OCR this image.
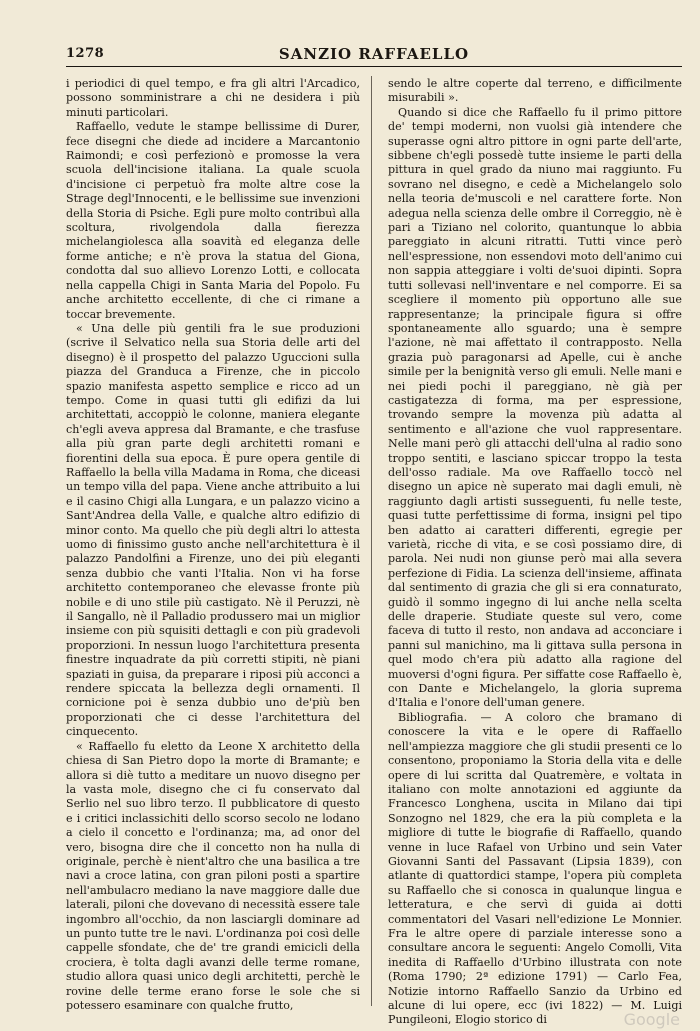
1278	SANZIO RAFFAELLO

i periodici di quel tempo, e fra gli altri l'Arcadico, possono somministrare a chi ne desidera i più minuti particolari.

Raffaello, vedute le stampe bellissime di Durer, fece disegni che diede ad incidere a Marcantonio Raimondi; e così perfezionò e promosse la vera scuola dell'incisione italiana. La quale scuola d'incisione ci perpetuò fra molte altre cose la Strage degl'Innocenti, e le bellissime sue invenzioni della Storia di Psiche. Egli pure molto contribuì alla scoltura, rivolgendola dalla fierezza michelangiolesca alla soavità ed eleganza delle forme antiche; e n'è prova la statua del Giona, condotta dal suo allievo Lorenzo Lotti, e collocata nella cappella Chigi in Santa Maria del Popolo. Fu anche architetto eccellente, di che ci rimane a toccar brevemente.

« Una delle più gentili fra le sue produzioni (scrive il Selvatico nella sua Storia delle arti del disegno) è il prospetto del palazzo Uguccioni sulla piazza del Granduca a Firenze, che in piccolo spazio manifesta aspetto semplice e ricco ad un tempo. Come in quasi tutti gli edifizi da lui architettati, accoppiò le colonne, maniera elegante ch'egli aveva appresa dal Bramante, e che trasfuse alla più gran parte degli architetti romani e fiorentini della sua epoca. È pure opera gentile di Raffaello la bella villa Madama in Roma, che diceasi un tempo villa del papa. Viene anche attribuito a lui e il casino Chigi alla Lungara, e un palazzo vicino a Sant'Andrea della Valle, e qualche altro edifizio di minor conto. Ma quello che più degli altri lo attesta uomo di finissimo gusto anche nell'architettura è il palazzo Pandolfini a Firenze, uno dei più eleganti senza dubbio che vanti l'Italia. Non vi ha forse architetto contemporaneo che elevasse fronte più nobile e di uno stile più castigato. Nè il Peruzzi, nè il Sangallo, nè il Palladio produssero mai un miglior insieme con più squisiti dettagli e con più gradevoli proporzioni. In nessun luogo l'architettura presenta finestre inquadrate da più corretti stipiti, nè piani spaziati in guisa, da preparare i riposi più acconci a rendere spiccata la bellezza degli ornamenti. Il cornicione poi è senza dubbio uno de'più ben proporzionati che ci desse l'architettura del cinquecento.

« Raffaello fu eletto da Leone X architetto della chiesa di San Pietro dopo la morte di Bramante; e allora si diè tutto a meditare un nuovo disegno per la vasta mole, disegno che ci fu conservato dal Serlio nel suo libro terzo. Il pubblicatore di questo e i critici inclassichiti dello scorso secolo ne lodano a cielo il concetto e l'ordinanza; ma, ad onor del vero, bisogna dire che il concetto non ha nulla di originale, perchè è nient'altro che una basilica a tre navi a croce latina, con gran piloni posti a spartire nell'ambulacro mediano la nave maggiore dalle due laterali, piloni che dovevano di necessità essere tale ingombro all'occhio, da non lasciargli dominare ad un punto tutte tre le navi. L'ordinanza poi così delle cappelle sfondate, che de' tre grandi emicicli della crociera, è tolta dagli avanzi delle terme romane, studio allora quasi unico degli architetti, perchè le rovine delle terme erano forse le sole che si potessero esaminare con qualche frutto,

sendo le altre coperte dal terreno, e difficilmente misurabili ».

Quando si dice che Raffaello fu il primo pittore de' tempi moderni, non vuolsi già intendere che superasse ogni altro pittore in ogni parte dell'arte, sibbene ch'egli possedè tutte insieme le parti della pittura in quel grado da niuno mai raggiunto. Fu sovrano nel disegno, e cedè a Michelangelo solo nella teoria de'muscoli e nel carattere forte. Non adegua nella scienza delle ombre il Correggio, nè è pari a Tiziano nel colorito, quantunque lo abbia pareggiato in alcuni ritratti. Tutti vince però nell'espressione, non essendovi moto dell'animo cui non sappia atteggiare i volti de'suoi dipinti. Sopra tutti sollevasi nell'inventare e nel comporre. Ei sa scegliere il momento più opportuno alle sue rappresentanze; la principale figura si offre spontaneamente allo sguardo; una è sempre l'azione, nè mai affettato il contrapposto. Nella grazia può paragonarsi ad Apelle, cui è anche simile per la benignità verso gli emuli. Nelle mani e nei piedi pochi il pareggiano, nè già per castigatezza di forma, ma per espressione, trovando sempre la movenza più adatta al sentimento e all'azione che vuol rappresentare. Nelle mani però gli attacchi dell'ulna al radio sono troppo sentiti, e lasciano spiccar troppo la testa dell'osso radiale. Ma ove Raffaello toccò nel disegno un apice nè superato mai dagli emuli, nè raggiunto dagli artisti susseguenti, fu nelle teste, quasi tutte perfettissime di forma, insigni pel tipo ben adatto ai caratteri differenti, egregie per varietà, ricche di vita, e se così possiamo dire, di parola. Nei nudi non giunse però mai alla severa perfezione di Fidia. La scienza dell'insieme, affinata dal sentimento di grazia che gli si era connaturato, guidò il sommo ingegno di lui anche nella scelta delle draperie. Studiate queste sul vero, come faceva di tutto il resto, non andava ad acconciare i panni sul manichino, ma li gittava sulla persona in quel modo ch'era più adatto alla ragione del muoversi d'ogni figura. Per siffatte cose Raffaello è, con Dante e Michelangelo, la gloria suprema d'Italia e l'onore dell'uman genere.

Bibliografia. — A coloro che bramano di conoscere la vita e le opere di Raffaello nell'ampiezza maggiore che gli studii presenti ce lo consentono, proponiamo la Storia della vita e delle opere di lui scritta dal Quatremère, e voltata in italiano con molte annotazioni ed aggiunte da Francesco Longhena, uscita in Milano dai tipi Sonzogno nel 1829, che era la più completa e la migliore di tutte le biografie di Raffaello, quando venne in luce Rafael von Urbino und sein Vater Giovanni Santi del Passavant (Lipsia 1839), con atlante di quattordici stampe, l'opera più completa su Raffaello che si conosca in qualunque lingua e letteratura, e che servì di guida ai dotti commentatori del Vasari nell'edizione Le Monnier. Fra le altre opere di parziale interesse sono a consultare ancora le seguenti: Angelo Comolli, Vita inedita di Raffaello d'Urbino illustrata con note (Roma 1790; 2ª edizione 1791) — Carlo Fea, Notizie intorno Raffaello Sanzio da Urbino ed alcune di lui opere, ecc (ivi 1822) — M. Luigi Pungileoni, Elogio storico di	Google
